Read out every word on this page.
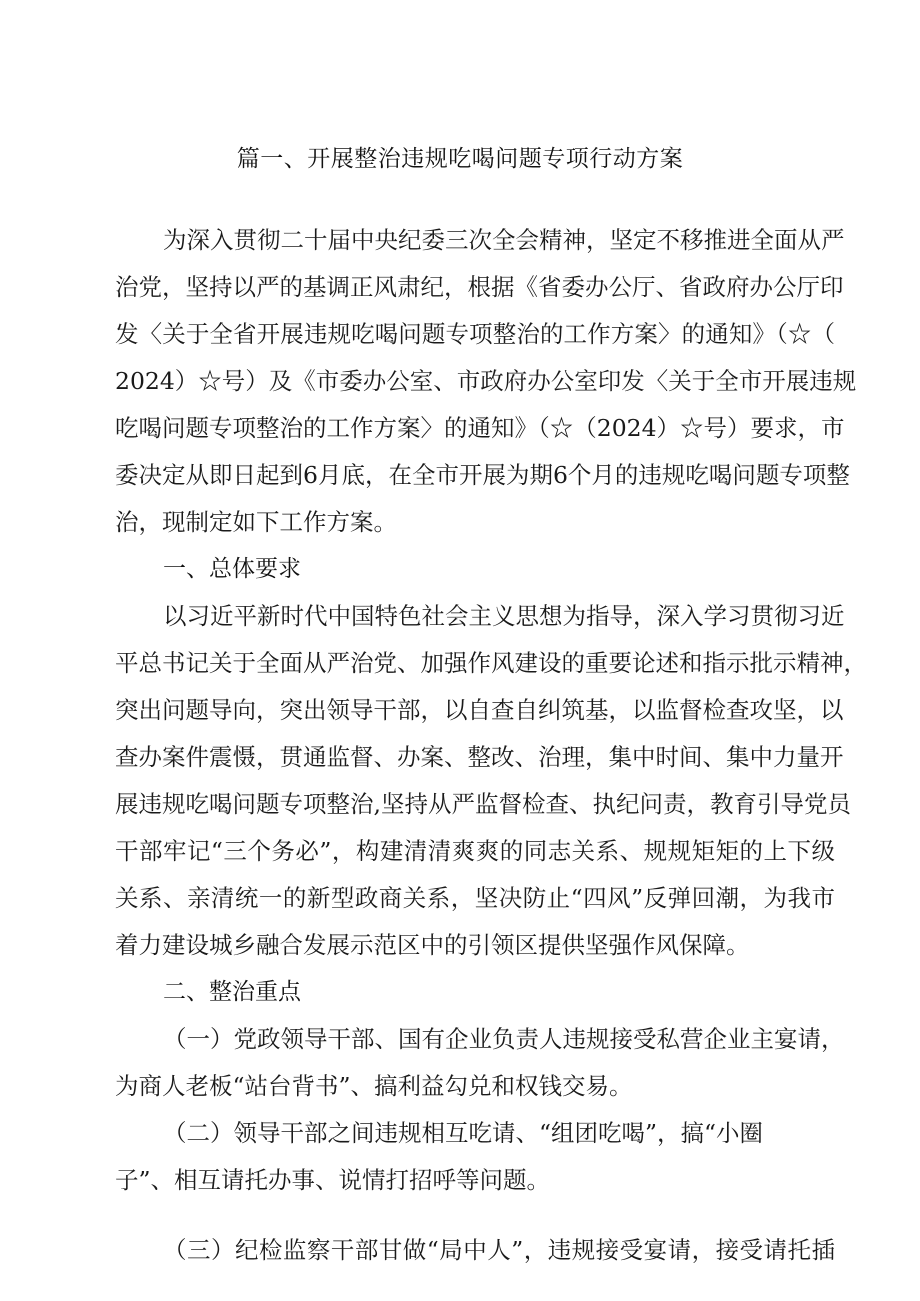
篇一、开展整治违规吃喝问题专项行动方案
为深入贯彻二十届中央纪委三次全会精神，坚定不移推进全面从严
治党，坚持以严的基调正风肃纪，根据《省委办公厅、省政府办公厅印
发〈关于全省开展违规吃喝问题专项整治的工作方案〉的通知》（☆（
2024）☆号）及《市委办公室、市政府办公室印发〈关于全市开展违规
吃喝问题专项整治的工作方案〉的通知》（☆（2024）☆号）要求，市
委决定从即日起到6月底，在全市开展为期6个月的违规吃喝问题专项整
治，现制定如下工作方案。
一、总体要求
以习近平新时代中国特色社会主义思想为指导，深入学习贯彻习近
平总书记关于全面从严治党、加强作风建设的重要论述和指示批示精神，
突出问题导向，突出领导干部，以自查自纠筑基，以监督检查攻坚，以
查办案件震慑，贯通监督、办案、整改、治理，集中时间、集中力量开
展违规吃喝问题专项整治,坚持从严监督检查、执纪问责，教育引导党员
干部牢记“三个务必”，构建清清爽爽的同志关系、规规矩矩的上下级
关系、亲清统一的新型政商关系，坚决防止“四风”反弹回潮，为我市
着力建设城乡融合发展示范区中的引领区提供坚强作风保障。
二、整治重点
（一）党政领导干部、国有企业负责人违规接受私营企业主宴请，
为商人老板“站台背书”、搞利益勾兑和权钱交易。
（二）领导干部之间违规相互吃请、“组团吃喝”，搞“小圈
子”、相互请托办事、说情打招呼等问题。
（三）纪检监察干部甘做“局中人”，违规接受宴请，接受请托插
